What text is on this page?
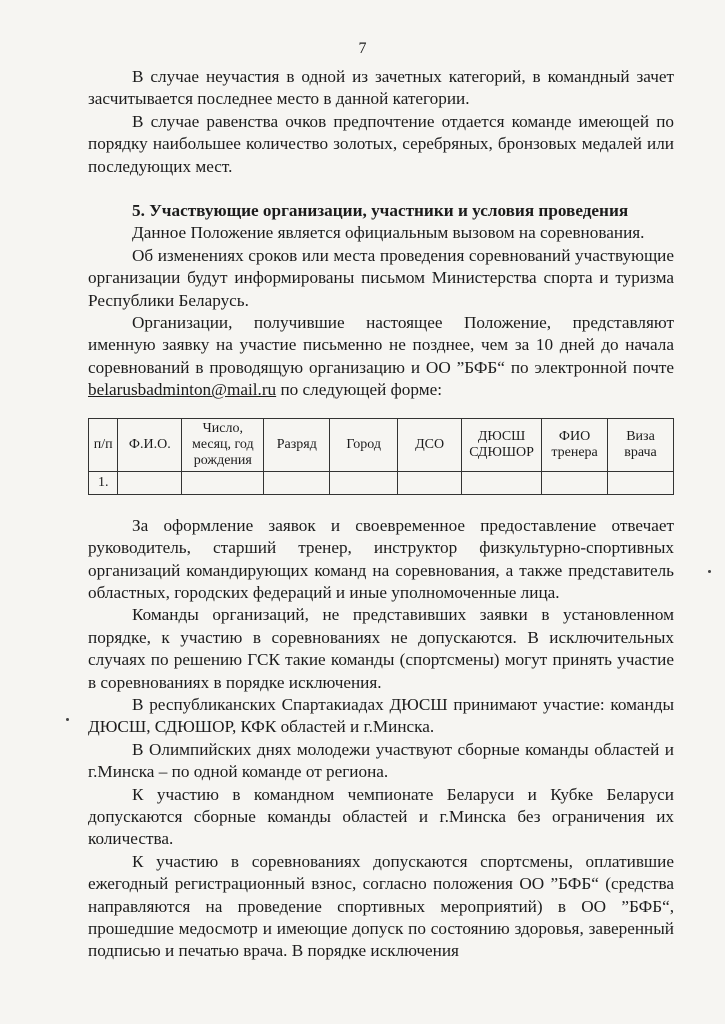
7

В случае неучастия в одной из зачетных категорий, в командный зачет засчитывается последнее место в данной категории.

В случае равенства очков предпочтение отдается команде имеющей по порядку наибольшее количество золотых, серебряных, бронзовых медалей или последующих мест.

5. Участвующие организации, участники и условия проведения

Данное Положение является официальным вызовом на соревнования.

Об изменениях сроков или места проведения соревнований участвующие организации будут информированы письмом Министерства спорта и туризма Республики Беларусь.

Организации, получившие настоящее Положение, представляют именную заявку на участие письменно не позднее, чем за 10 дней до начала соревнований в проводящую организацию и ОО ”БФБ“ по электронной почте belarusbadminton@mail.ru по следующей форме:

п/п	Ф.И.О.	Число, месяц, год рождения	Разряд	Город	ДСО	ДЮСШ СДЮШОР	ФИО тренера	Виза врача
1.								

За оформление заявок и своевременное предоставление отвечает руководитель, старший тренер, инструктор физкультурно-спортивных организаций командирующих команд на соревнования, а также представитель областных, городских федераций и иные уполномоченные лица.

Команды организаций, не представивших заявки в установленном порядке, к участию в соревнованиях не допускаются. В исключительных случаях по решению ГСК такие команды (спортсмены) могут принять участие в соревнованиях в порядке исключения.

В республиканских Спартакиадах ДЮСШ принимают участие: команды ДЮСШ, СДЮШОР, КФК областей и г.Минска.

В Олимпийских днях молодежи участвуют сборные команды областей и г.Минска – по одной команде от региона.

К участию в командном чемпионате Беларуси и Кубке Беларуси допускаются сборные команды областей и г.Минска без ограничения их количества.

К участию в соревнованиях допускаются спортсмены, оплатившие ежегодный регистрационный взнос, согласно положения ОО ”БФБ“ (средства направляются на проведение спортивных мероприятий) в ОО ”БФБ“, прошедшие медосмотр и имеющие допуск по состоянию здоровья, заверенный подписью и печатью врача. В порядке исключения
